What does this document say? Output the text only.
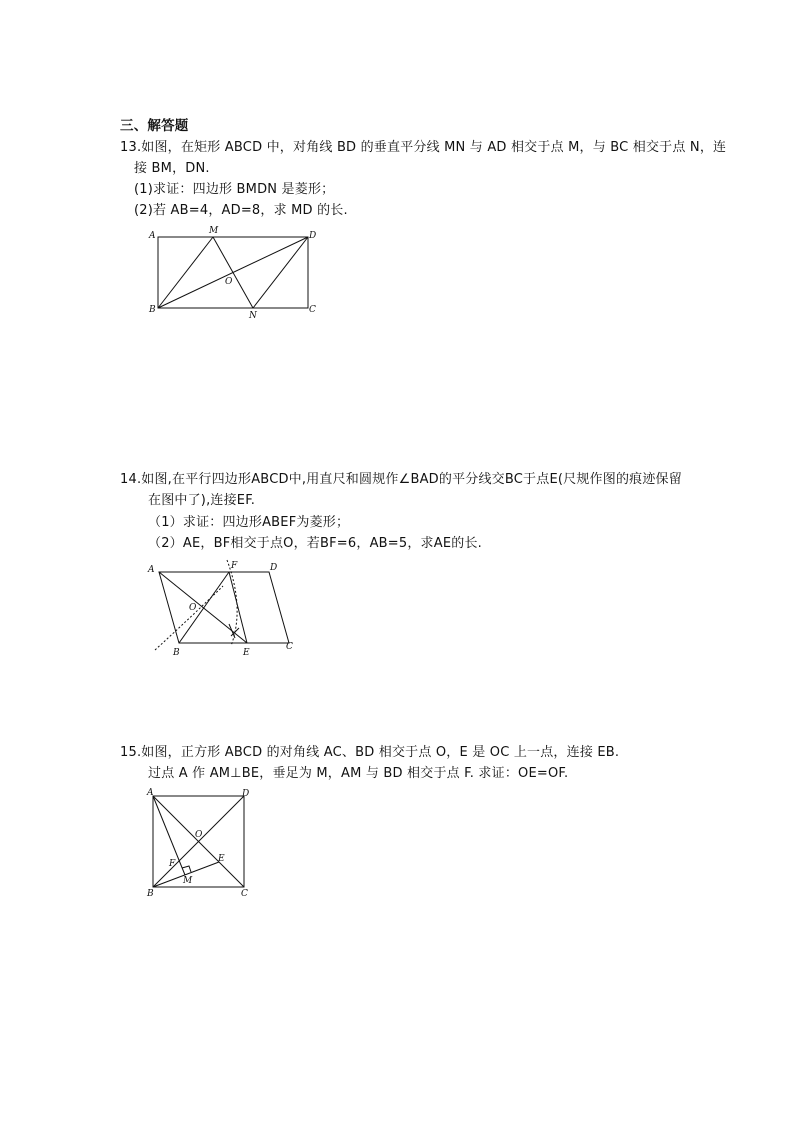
三、解答题
13.如图，在矩形 ABCD 中，对角线 BD 的垂直平分线 MN 与 AD 相交于点 M，与 BC 相交于点 N，连
接 BM，DN.
(1)求证：四边形 BMDN 是菱形；
(2)若 AB=4，AD=8，求 MD 的长.
A	M	D
O
B
N
C
14.如图,在平行四边形ABCD中,用直尺和圆规作∠BAD的平分线交BC于点E(尺规作图的痕迹保留
在图中了),连接EF.
（1）求证：四边形ABEF为菱形；
（2）AE，BF相交于点O，若BF=6，AB=5，求AE的长.
A	F	D
O
B	E
C
15.如图，正方形 ABCD 的对角线 AC、BD 相交于点 O，E 是 OC 上一点，连接 EB.
过点 A 作 AM⊥BE，垂足为 M，AM 与 BD 相交于点 F. 求证：OE=OF.
A	D
O
F	E
M
B	C
